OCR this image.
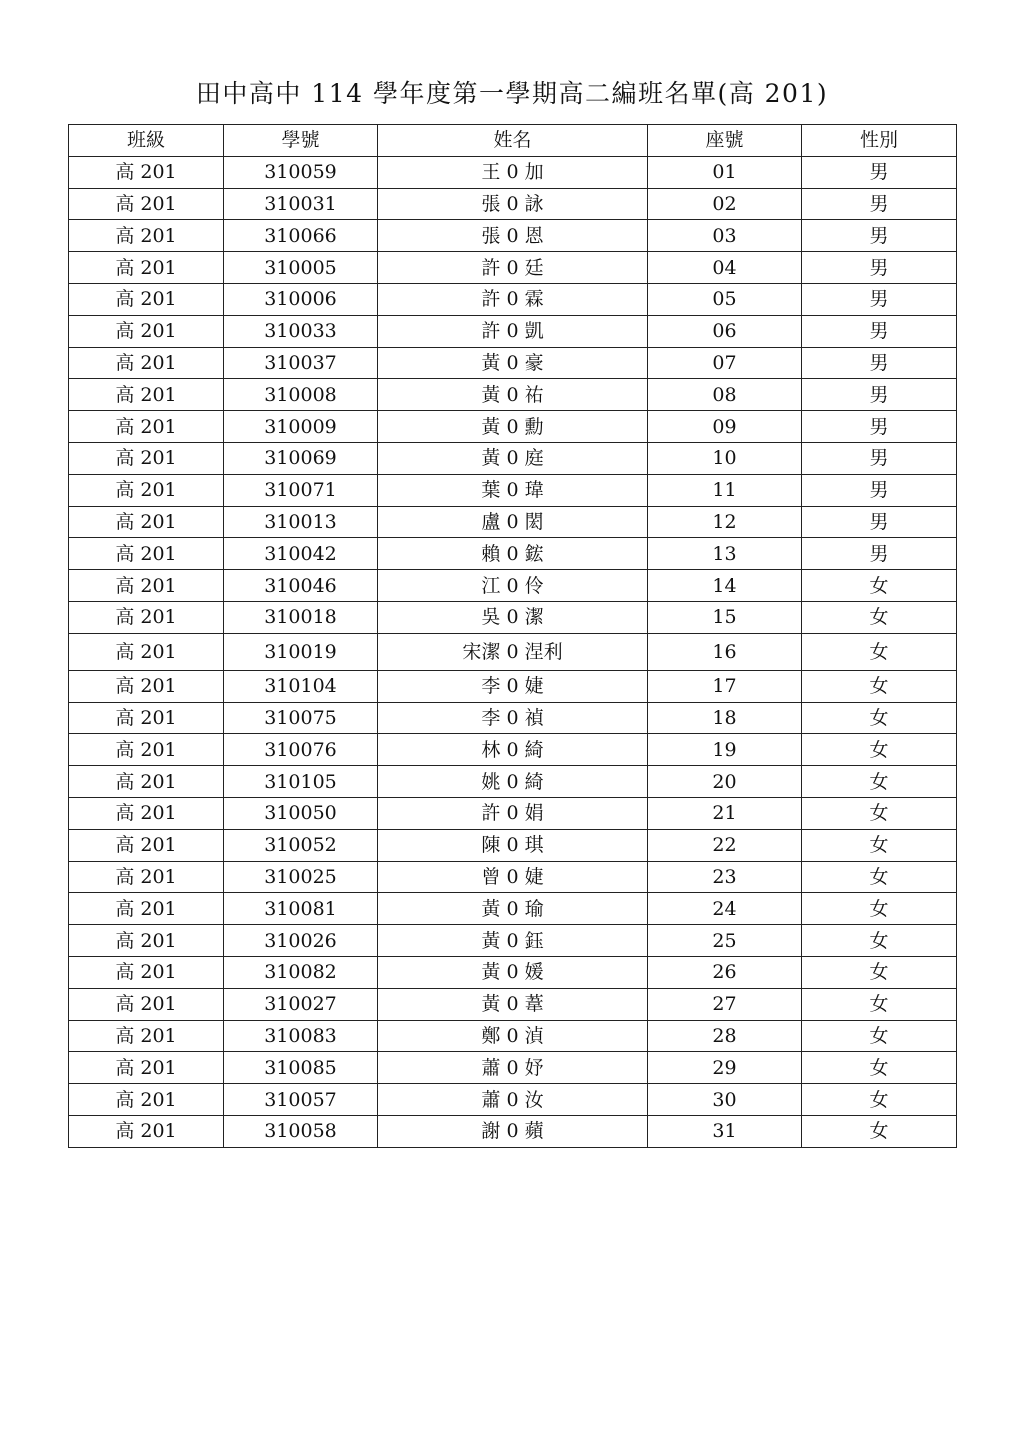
田中高中 114 學年度第一學期高二編班名單(高 201)
班級	學號	姓名	座號	性別
高 201	310059	王 0 加	01	男
高 201	310031	張 0 詠	02	男
高 201	310066	張 0 恩	03	男
高 201	310005	許 0 廷	04	男
高 201	310006	許 0 霖	05	男
高 201	310033	許 0 凱	06	男
高 201	310037	黃 0 豪	07	男
高 201	310008	黃 0 祐	08	男
高 201	310009	黃 0 勳	09	男
高 201	310069	黃 0 庭	10	男
高 201	310071	葉 0 瑋	11	男
高 201	310013	盧 0 閎	12	男
高 201	310042	賴 0 鋐	13	男
高 201	310046	江 0 伶	14	女
高 201	310018	吳 0 潔	15	女
高 201	310019	宋潔 0 涅利	16	女
高 201	310104	李 0 婕	17	女
高 201	310075	李 0 禎	18	女
高 201	310076	林 0 綺	19	女
高 201	310105	姚 0 綺	20	女
高 201	310050	許 0 娟	21	女
高 201	310052	陳 0 琪	22	女
高 201	310025	曾 0 婕	23	女
高 201	310081	黃 0 瑜	24	女
高 201	310026	黃 0 鈺	25	女
高 201	310082	黃 0 媛	26	女
高 201	310027	黃 0 葦	27	女
高 201	310083	鄭 0 湞	28	女
高 201	310085	蕭 0 妤	29	女
高 201	310057	蕭 0 汝	30	女
高 201	310058	謝 0 蘋	31	女
